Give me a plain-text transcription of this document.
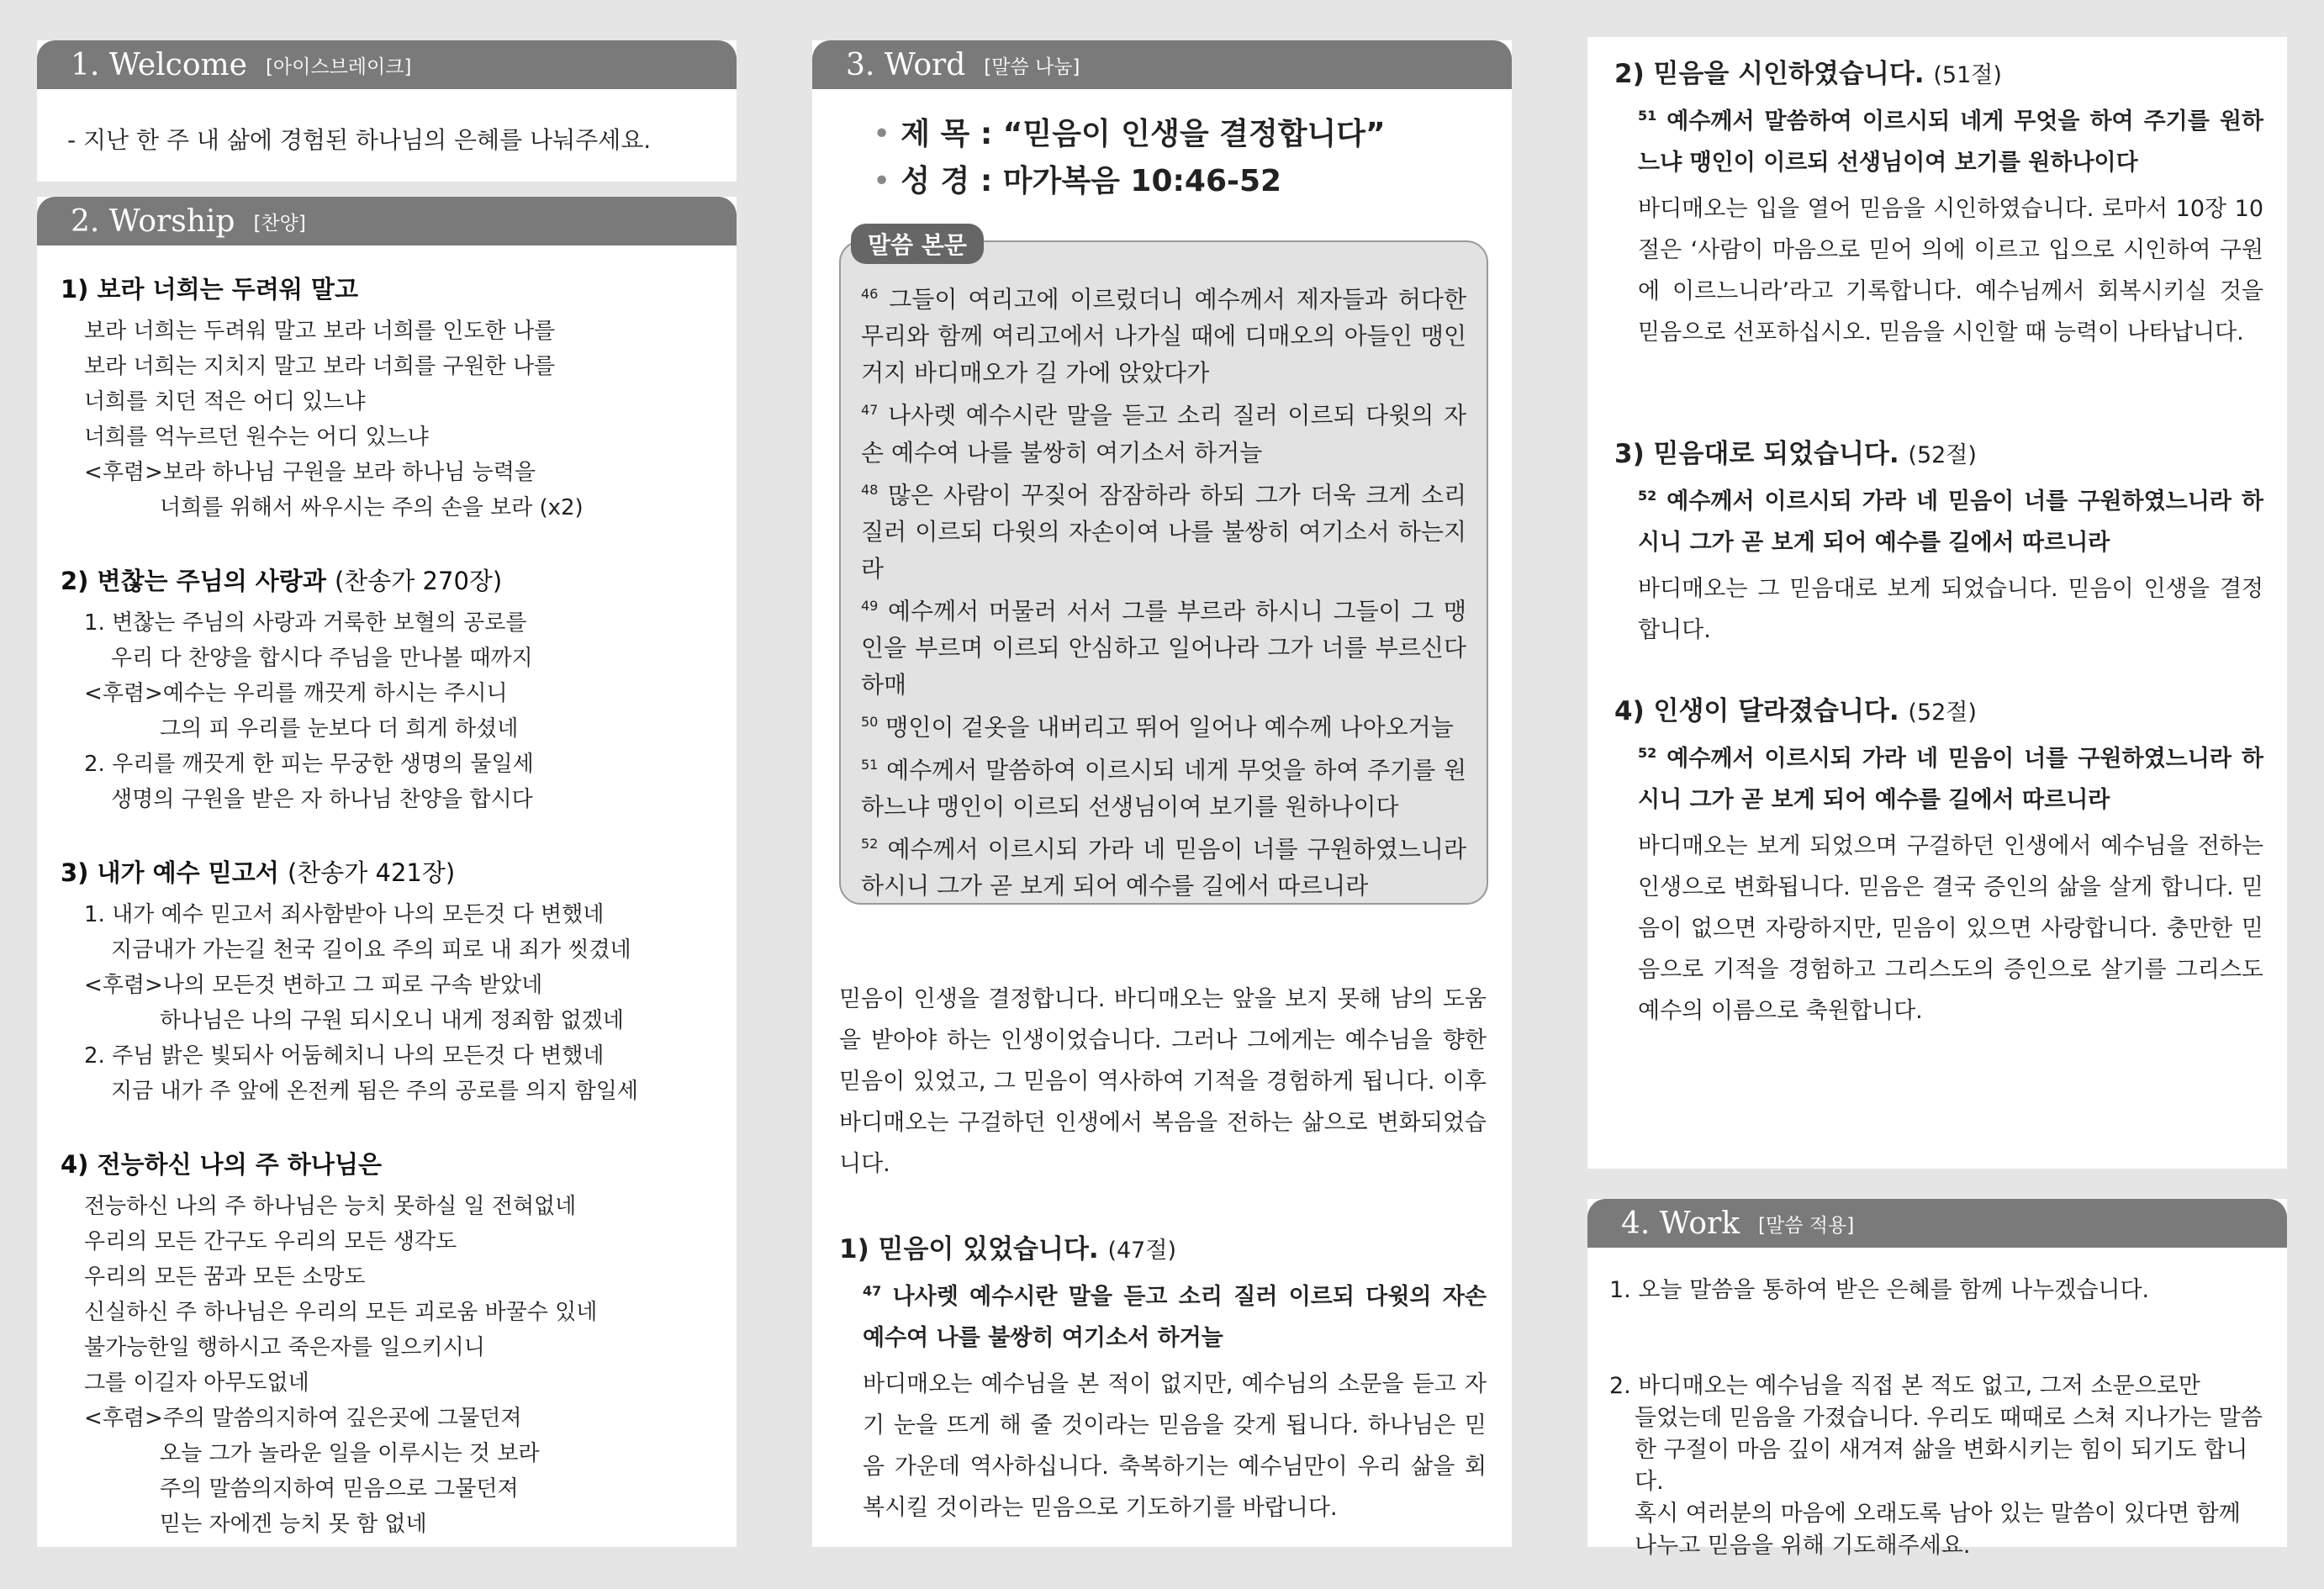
1. Welcome [아이스브레이크]

- 지난 한 주 내 삶에 경험된 하나님의 은혜를 나눠주세요.

2. Worship [찬양]

1) 보라 너희는 두려워 말고

보라 너희는 두려워 말고 보라 너희를 인도한 나를

보라 너희는 지치지 말고 보라 너희를 구원한 나를

너희를 치던 적은 어디 있느냐

너희를 억누르던 원수는 어디 있느냐

<후렴>보라 하나님 구원을 보라 하나님 능력을

너희를 위해서 싸우시는 주의 손을 보라 (x2)

2) 변찮는 주님의 사랑과 (찬송가 270장)

1. 변찮는 주님의 사랑과 거룩한 보혈의 공로를

우리 다 찬양을 합시다 주님을 만나볼 때까지

<후렴>예수는 우리를 깨끗게 하시는 주시니

그의 피 우리를 눈보다 더 희게 하셨네

2. 우리를 깨끗게 한 피는 무궁한 생명의 물일세

생명의 구원을 받은 자 하나님 찬양을 합시다

3) 내가 예수 믿고서 (찬송가 421장)

1. 내가 예수 믿고서 죄사함받아 나의 모든것 다 변했네

지금내가 가는길 천국 길이요 주의 피로 내 죄가 씻겼네

<후렴>나의 모든것 변하고 그 피로 구속 받았네

하나님은 나의 구원 되시오니 내게 정죄함 없겠네

2. 주님 밝은 빛되사 어둠헤치니 나의 모든것 다 변했네

지금 내가 주 앞에 온전케 됨은 주의 공로를 의지 함일세

4) 전능하신 나의 주 하나님은

전능하신 나의 주 하나님은 능치 못하실 일 전혀없네

우리의 모든 간구도 우리의 모든 생각도

우리의 모든 꿈과 모든 소망도

신실하신 주 하나님은 우리의 모든 괴로움 바꿀수 있네

불가능한일 행하시고 죽은자를 일으키시니

그를 이길자 아무도없네

<후렴>주의 말씀의지하여 깊은곳에 그물던져

오늘 그가 놀라운 일을 이루시는 것 보라

주의 말씀의지하여 믿음으로 그물던져

믿는 자에겐 능치 못 함 없네

3. Word [말씀 나눔]

• 제 목 : “믿음이 인생을 결정합니다”

• 성 경 : 마가복음 10:46-52

$^{46}$ 그들이 여리고에 이르렀더니 예수께서 제자들과 허다한 무리와 함께 여리고에서 나가실 때에 디매오의 아들인 맹인 거지 바디매오가 길 가에 앉았다가

$^{47}$ 나사렛 예수시란 말을 듣고 소리 질러 이르되 다윗의 자손 예수여 나를 불쌍히 여기소서 하거늘

$^{48}$ 많은 사람이 꾸짖어 잠잠하라 하되 그가 더욱 크게 소리 질러 이르되 다윗의 자손이여 나를 불쌍히 여기소서 하는지라

$^{49}$ 예수께서 머물러 서서 그를 부르라 하시니 그들이 그 맹인을 부르며 이르되 안심하고 일어나라 그가 너를 부르신다 하매

$^{50}$ 맹인이 겉옷을 내버리고 뛰어 일어나 예수께 나아오거늘

$^{51}$ 예수께서 말씀하여 이르시되 네게 무엇을 하여 주기를 원하느냐 맹인이 이르되 선생님이여 보기를 원하나이다

$^{52}$ 예수께서 이르시되 가라 네 믿음이 너를 구원하였느니라 하시니 그가 곧 보게 되어 예수를 길에서 따르니라

말씀 본문

믿음이 인생을 결정합니다. 바디매오는 앞을 보지 못해 남의 도움을 받아야 하는 인생이었습니다. 그러나 그에게는 예수님을 향한 믿음이 있었고, 그 믿음이 역사하여 기적을 경험하게 됩니다. 이후 바디매오는 구걸하던 인생에서 복음을 전하는 삶으로 변화되었습니다.

1) 믿음이 있었습니다. (47절)

$^{47}$ 나사렛 예수시란 말을 듣고 소리 질러 이르되 다윗의 자손 예수여 나를 불쌍히 여기소서 하거늘

바디매오는 예수님을 본 적이 없지만, 예수님의 소문을 듣고 자기 눈을 뜨게 해 줄 것이라는 믿음을 갖게 됩니다. 하나님은 믿음 가운데 역사하십니다. 축복하기는 예수님만이 우리 삶을 회복시킬 것이라는 믿음으로 기도하기를 바랍니다.

2) 믿음을 시인하였습니다. (51절)

$^{51}$ 예수께서 말씀하여 이르시되 네게 무엇을 하여 주기를 원하느냐 맹인이 이르되 선생님이여 보기를 원하나이다

바디매오는 입을 열어 믿음을 시인하였습니다. 로마서 10장 10절은 ‘사람이 마음으로 믿어 의에 이르고 입으로 시인하여 구원에 이르느니라’라고 기록합니다. 예수님께서 회복시키실 것을 믿음으로 선포하십시오. 믿음을 시인할 때 능력이 나타납니다.

3) 믿음대로 되었습니다. (52절)

$^{52}$ 예수께서 이르시되 가라 네 믿음이 너를 구원하였느니라 하시니 그가 곧 보게 되어 예수를 길에서 따르니라

바디매오는 그 믿음대로 보게 되었습니다. 믿음이 인생을 결정합니다.

4) 인생이 달라졌습니다. (52절)

$^{52}$ 예수께서 이르시되 가라 네 믿음이 너를 구원하였느니라 하시니 그가 곧 보게 되어 예수를 길에서 따르니라

바디매오는 보게 되었으며 구걸하던 인생에서 예수님을 전하는 인생으로 변화됩니다. 믿음은 결국 증인의 삶을 살게 합니다. 믿음이 없으면 자랑하지만, 믿음이 있으면 사랑합니다. 충만한 믿음으로 기적을 경험하고 그리스도의 증인으로 살기를 그리스도 예수의 이름으로 축원합니다.

4. Work [말씀 적용]

1. 오늘 말씀을 통하여 받은 은혜를 함께 나누겠습니다.

2. 바디매오는 예수님을 직접 본 적도 없고, 그저 소문으로만

들었는데 믿음을 가졌습니다. 우리도 때때로 스쳐 지나가는 말씀

한 구절이 마음 깊이 새겨져 삶을 변화시키는 힘이 되기도 합니다.

혹시 여러분의 마음에 오래도록 남아 있는 말씀이 있다면 함께

나누고 믿음을 위해 기도해주세요.
